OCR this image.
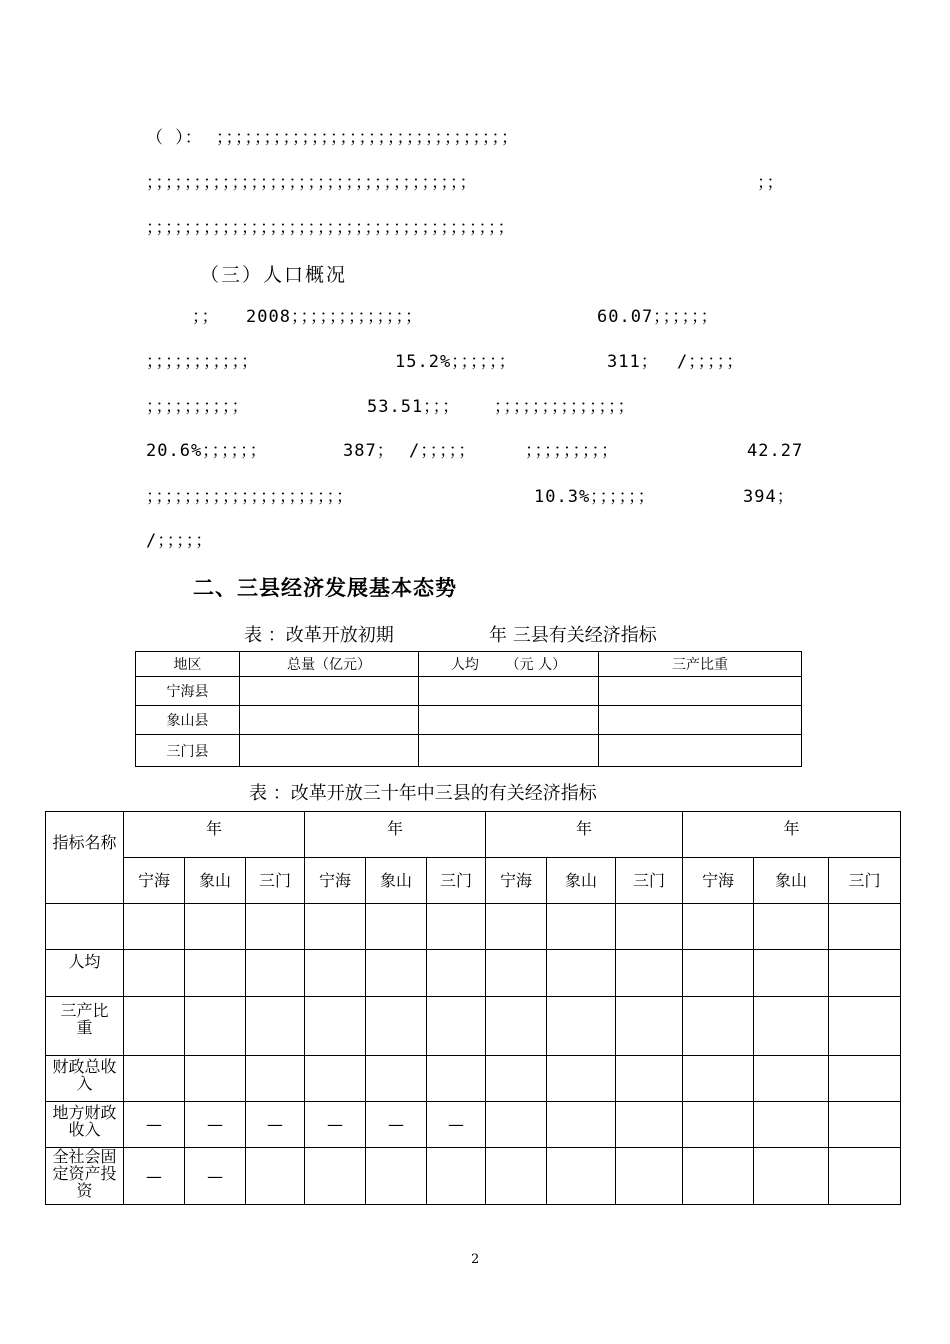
（ ）： ；；；；；；；；；；；；；；；；；；；；；；；；；；；；；；；
；；；；；；；；；；；；；；；；；；；；；；；；；；；；；；；；；；	；；
；；；；；；；；；；；；；；；；；；；；；；；；；；；；；；；；；；；；；；
（三）人口概况
；； 2008；；；；；；；；；；；；；	60.07；；；；；；
；；；；；；；；；；；	15.2%；；；；；；	311； /；；；；；
；；；；；；；；；；	53.51；；； ；；；；；；；；；；；；；；
20.6%；；；；；；	387； /；；；；；	；；；；；；；；；	42.27
；；；；；；；；；；；；；；；；；；；；；	10.3%；；；；；；	394；
/；；；；；
二、三县经济发展基本态势
表 ：改革开放初期	年 三县有关经济指标
地区	总量（亿元）	人均 （元 人）	三产比重
宁海县			
象山县			
三门县			
表 ：改革开放三十年中三县的有关经济指标
指标名称	年			年			年			年		
	宁海	象山	三门	宁海	象山	三门	宁海	象山	三门	宁海	象山	三门

人均												
三产比重												
财政总收入												
地方财政收入	—	—	—	—	—	—						
全社会固定资产投资	—	—										
2
